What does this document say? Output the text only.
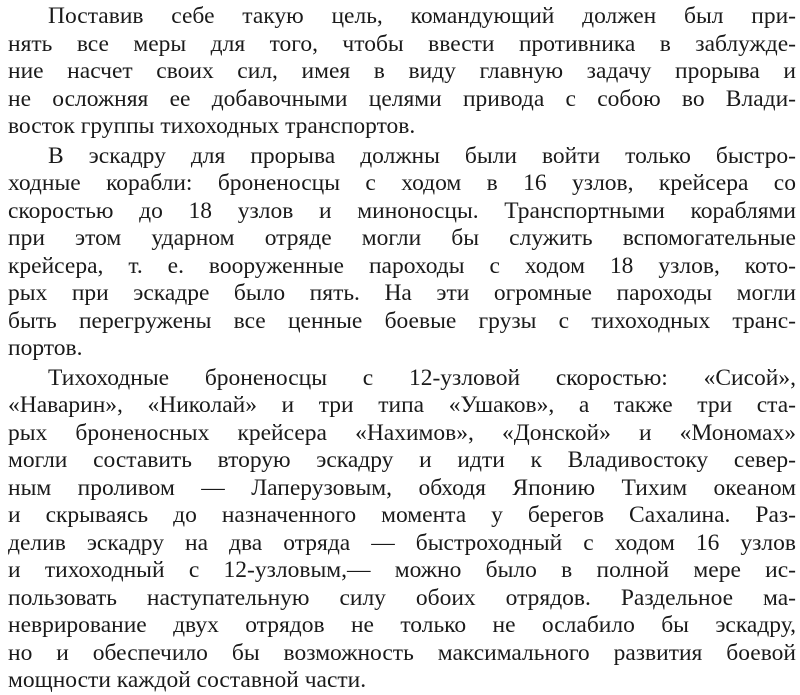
Поставив себе такую цель, командующий должен был при-
нять все меры для того, чтобы ввести противника в заблужде-
ние насчет своих сил, имея в виду главную задачу прорыва и
не осложняя ее добавочными целями привода с собою во Влади-
восток группы тихоходных транспортов.
В эскадру для прорыва должны были войти только быстро-
ходные корабли: броненосцы с ходом в 16 узлов, крейсера со
скоростью до 18 узлов и миноносцы. Транспортными кораблями
при этом ударном отряде могли бы служить вспомогательные
крейсера, т. е. вооруженные пароходы с ходом 18 узлов, кото-
рых при эскадре было пять. На эти огромные пароходы могли
быть перегружены все ценные боевые грузы с тихоходных транс-
портов.
Тихоходные броненосцы с 12-узловой скоростью: «Сисой»,
«Наварин», «Николай» и три типа «Ушаков», а также три ста-
рых броненосных крейсера «Нахимов», «Донской» и «Мономах»
могли составить вторую эскадру и идти к Владивостоку север-
ным проливом — Лаперузовым, обходя Японию Тихим океаном
и скрываясь до назначенного момента у берегов Сахалина. Раз-
делив эскадру на два отряда — быстроходный с ходом 16 узлов
и тихоходный с 12-узловым,— можно было в полной мере ис-
пользовать наступательную силу обоих отрядов. Раздельное ма-
неврирование двух отрядов не только не ослабило бы эскадру,
но и обеспечило бы возможность максимального развития боевой
мощности каждой составной части.
